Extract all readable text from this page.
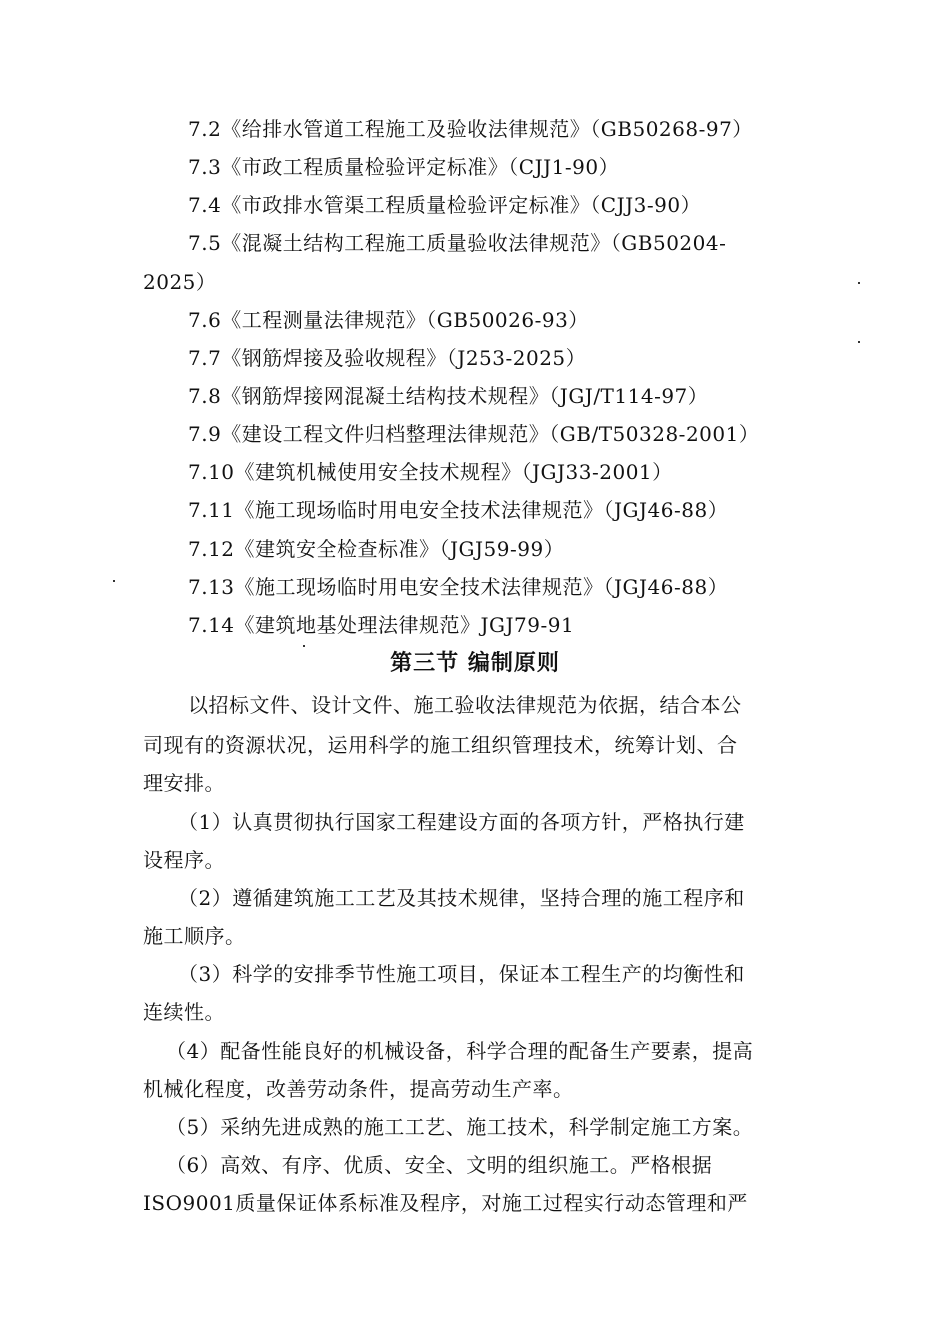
7.2《给排水管道工程施工及验收法律规范》（GB50268-97）
7.3《市政工程质量检验评定标准》（CJJ1-90）
7.4《市政排水管渠工程质量检验评定标准》（CJJ3-90）
7.5《混凝土结构工程施工质量验收法律规范》（GB50204-
2025）
7.6《工程测量法律规范》（GB50026-93）
7.7《钢筋焊接及验收规程》（J253-2025）
7.8《钢筋焊接网混凝土结构技术规程》（JGJ/T114-97）
7.9《建设工程文件归档整理法律规范》（GB/T50328-2001）
7.10《建筑机械使用安全技术规程》（JGJ33-2001）
7.11《施工现场临时用电安全技术法律规范》（JGJ46-88）
7.12《建筑安全检查标准》（JGJ59-99）
7.13《施工现场临时用电安全技术法律规范》（JGJ46-88）
7.14《建筑地基处理法律规范》JGJ79-91
第三节 编制原则
以招标文件、设计文件、施工验收法律规范为依据，结合本公
司现有的资源状况，运用科学的施工组织管理技术，统筹计划、合
理安排。
（1）认真贯彻执行国家工程建设方面的各项方针，严格执行建
设程序。
（2）遵循建筑施工工艺及其技术规律，坚持合理的施工程序和
施工顺序。
（3）科学的安排季节性施工项目，保证本工程生产的均衡性和
连续性。
（4）配备性能良好的机械设备，科学合理的配备生产要素，提高
机械化程度，改善劳动条件，提高劳动生产率。
（5）采纳先进成熟的施工工艺、施工技术，科学制定施工方案。
（6）高效、有序、优质、安全、文明的组织施工。严格根据
ISO9001质量保证体系标准及程序，对施工过程实行动态管理和严
